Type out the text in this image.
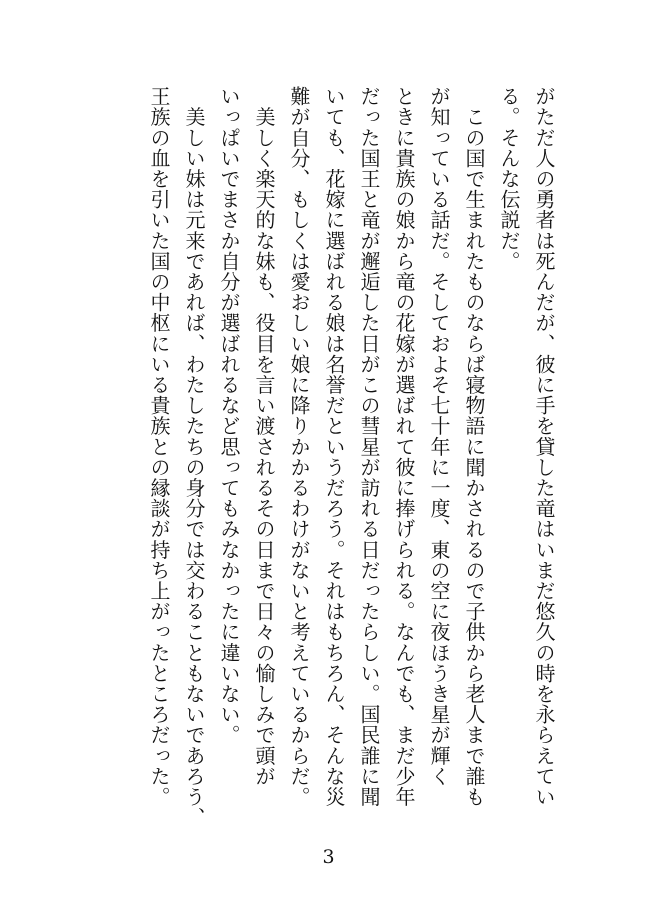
がただ人の勇者は死んだが、彼に手を貸した竜はいまだ悠久の時を永らえてい

る。そんな伝説だ。

　この国で生まれたものならば寝物語に聞かされるので子供から老人まで誰も

が知っている話だ。そしておよそ七十年に一度、東の空に夜ほうき星が輝く

ときに貴族の娘から竜の花嫁が選ばれて彼に捧げられる。なんでも、まだ少年

だった国王と竜が邂逅した日がこの彗星が訪れる日だったらしい。国民誰に聞

いても、花嫁に選ばれる娘は名誉だというだろう。それはもちろん、そんな災

難が自分、もしくは愛おしい娘に降りかかるわけがないと考えているからだ。

　美しく楽天的な妹も、役目を言い渡されるその日まで日々の愉しみで頭が

いっぱいでまさか自分が選ばれるなど思ってもみなかったに違いない。

　美しい妹は元来であれば、わたしたちの身分では交わることもないであろう、

王族の血を引いた国の中枢にいる貴族との縁談が持ち上がったところだった。

3
